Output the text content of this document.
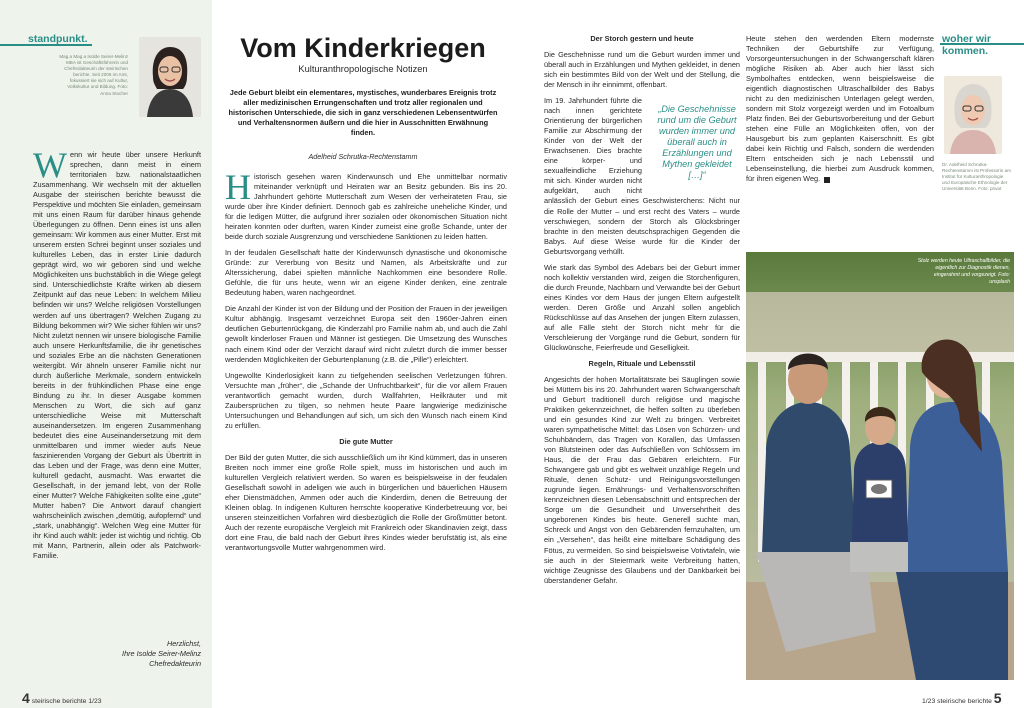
standpunkt.
Mag.a Mag.a Isolde Seirer-Melinz MBA ist Geschäftsführerin und Chefredakteurin der steirischen berichte. Seit 2006 im Amt, fokussiert sie sich auf Kultur, Volkskultur und Bildung. Foto: Anna Stocher

Wenn wir heute über unsere Herkunft sprechen, dann meist in einem territorialen bzw. nationalstaatlichen Zusammenhang. Wir wechseln mit der aktuellen Ausgabe der steirischen berichte bewusst die Perspektive und möchten Sie einladen, gemeinsam mit uns einen Raum für darüber hinaus gehende Überlegungen zu öffnen. Denn eines ist uns allen gemeinsam: Wir kommen aus einer Mutter. Erst mit unserem ersten Schrei beginnt unser soziales und kulturelles Leben, das in erster Linie dadurch geprägt wird, wo wir geboren sind und welche Möglichkeiten uns buchstäblich in die Wiege gelegt sind. Unterschiedlichste Kräfte wirken ab diesem Zeitpunkt auf das neue Leben: In welchem Milieu befinden wir uns? Welche religiösen Vorstellungen werden auf uns übertragen? Welchen Zugang zu Bildung bekommen wir? Wie sicher fühlen wir uns? Nicht zuletzt nennen wir unsere biologische Familie auch unsere Herkunftsfamilie, die ihr genetisches und soziales Erbe an die nächsten Generationen weitergibt. Wir ähneln unserer Familie nicht nur durch äußerliche Merkmale, sondern entwickeln bereits in der frühkindlichen Phase eine enge Bindung zu ihr. In dieser Ausgabe kommen Menschen zu Wort, die sich auf ganz unterschiedliche Weise mit Mutterschaft auseinandersetzen. Im engeren Zusammenhang bedeutet dies eine Auseinandersetzung mit dem unmittelbaren und immer wieder aufs Neue faszinierenden Vorgang der Geburt als Übertritt in das Leben und der Frage, was denn eine Mutter, kulturell gedacht, ausmacht. Was erwartet die Gesellschaft, in der jemand lebt, von der Rolle einer Mutter? Welche Fähigkeiten sollte eine „gute“ Mutter haben? Die Antwort darauf changiert wahrscheinlich zwischen „demütig, aufopfernd“ und „stark, unabhängig“. Welchen Weg eine Mutter für ihr Kind auch wählt: jeder ist wichtig und richtig. Ob mit Mann, Partnerin, allein oder als Patchwork-Familie.

Herzlichst,
Ihre Isolde Seirer-Melinz
Chefredakteurin
Vom Kinderkriegen
Kulturanthropologische Notizen
Jede Geburt bleibt ein elementares, mystisches, wunderbares Ereignis trotz aller medizinischen Errungenschaften und trotz aller regionalen und historischen Unterschiede, die sich in ganz verschiedenen Lebensentwürfen und Verhaltensnormen äußern und die hier in Ausschnitten Erwähnung finden.
Adelheid Schrutka-Rechtenstamm

Historisch gesehen waren Kinderwunsch und Ehe unmittelbar normativ miteinander verknüpft und Heiraten war an Besitz gebunden. Bis ins 20. Jahrhundert gehörte Mutterschaft zum Wesen der verheirateten Frau, sie wurde über ihre Kinder definiert. Dennoch gab es zahlreiche uneheliche Kinder, und für die ledigen Mütter, die aufgrund ihrer sozialen oder ökonomischen Situation nicht heiraten konnten oder durften, waren Kinder zumeist eine große Schande, unter der beide durch soziale Ausgrenzung und verschiedene Sanktionen zu leiden hatten.

In der feudalen Gesellschaft hatte der Kinderwunsch dynastische und ökonomische Gründe: zur Vererbung von Besitz und Namen, als Arbeitskräfte und zur Alterssicherung, dabei spielten männliche Nachkommen eine besondere Rolle. Gefühle, die für uns heute, wenn wir an eigene Kinder denken, eine zentrale Bedeutung haben, waren nachgeordnet.

Die Anzahl der Kinder ist von der Bildung und der Position der Frauen in der jeweiligen Kultur abhängig. Insgesamt verzeichnet Europa seit den 1960er-Jahren einen deutlichen Geburtenrückgang, die Kinderzahl pro Familie nahm ab, und auch die Zahl gewollt kinderloser Frauen und Männer ist gestiegen. Die Umsetzung des Wunsches nach einem Kind oder der Verzicht darauf wird nicht zuletzt durch die immer besser werdenden Möglichkeiten der Geburtenplanung (z.B. die „Pille“) erleichtert.

Ungewollte Kinderlosigkeit kann zu tiefgehenden seelischen Verletzungen führen. Versuchte man „früher“, die „Schande der Unfruchtbarkeit“, für die vor allem Frauen verantwortlich gemacht wurden, durch Wallfahrten, Heilkräuter und mit Zaubersprüchen zu tilgen, so nehmen heute Paare langwierige medizinische Untersuchungen und Behandlungen auf sich, um sich den Wunsch nach einem Kind zu erfüllen.

Die gute Mutter

Der Bild der guten Mutter, die sich ausschließlich um ihr Kind kümmert, das in unseren Breiten noch immer eine große Rolle spielt, muss im historischen und auch im kulturellen Vergleich relativiert werden. So waren es beispielsweise in der feudalen Gesellschaft sowohl in adeligen wie auch in bürgerlichen und bäuerlichen Häusern eher Dienstmädchen, Ammen oder auch die Kinderdirn, denen die Betreuung der Kleinen oblag. In indigenen Kulturen herrschte kooperative Kinderbetreuung vor, bei unseren steinzeitlichen Vorfahren wird diesbezüglich die Rolle der Großmütter betont. Auch der rezente europäische Vergleich mit Frankreich oder Skandinavien zeigt, dass dort eine Frau, die bald nach der Geburt ihres Kindes wieder berufstätig ist, als eine verantwortungsvolle Mutter wahrgenommen wird.

4 steirische berichte 1/23

Der Storch gestern und heute

Die Geschehnisse rund um die Geburt wurden immer und überall auch in Erzählungen und Mythen gekleidet, in denen sich ein bestimmtes Bild von der Welt und der Stellung, die der Mensch in ihr einnimmt, offenbart.

Im 19. Jahrhundert führte die nach innen gerichtete Orientierung der bürgerlichen Familie zur Abschirmung der Kinder von der Welt der Erwachsenen. Dies brachte eine körper- und sexualfeindliche Erziehung mit sich. Kinder wurden nicht aufgeklärt, auch nicht anlässlich der Geburt eines Geschwisterchens: Nicht nur die Rolle der Mutter – und erst recht des Vaters – wurde verschwiegen, sondern der Storch als Glücksbringer brachte in den meisten deutschsprachigen Gegenden die Babys. Auf diese Weise wurde für die Kinder der Geburtsvorgang verhüllt.

Wie stark das Symbol des Adebars bei der Geburt immer noch kollektiv verstanden wird, zeigen die Storchenfiguren, die durch Freunde, Nachbarn und Verwandte bei der Geburt eines Kindes vor dem Haus der jungen Eltern aufgestellt werden. Deren Größe und Anzahl sollen angeblich Rückschlüsse auf das Ansehen der jungen Eltern zulassen, auf alle Fälle steht der Storch nicht mehr für die Verschleierung der Vorgänge rund die Geburt, sondern für Glückwünsche, Feierfreude und Geselligkeit.

Regeln, Rituale und Lebensstil

Angesichts der hohen Mortalitätsrate bei Säuglingen sowie bei Müttern bis ins 20. Jahrhundert waren Schwangerschaft und Geburt traditionell durch religiöse und magische Praktiken gekennzeichnet, die helfen sollten zu überleben und ein gesundes Kind zur Welt zu bringen. Verbreitet waren sympathetische Mittel: das Lösen von Schürzen- und Schuhbändern, das Tragen von Korallen, das Umfassen von Blutsteinen oder das Aufschließen von Schlössern im Haus, die der Frau das Gebären erleichtern. Für Schwangere gab und gibt es weltweit unzählige Regeln und Rituale, denen Schutz- und Reinigungsvorstellungen zugrunde liegen. Ernährungs- und Verhaltensvorschriften kennzeichnen diesen Lebensabschnitt und entsprechen der Sorge um die Gesundheit und Unversehrtheit des ungeborenen Kindes bis heute. Generell suchte man, Schreck und Angst von den Gebärenden fernzuhalten, um ein „Versehen“, das heißt eine mittelbare Schädigung des Fötus, zu vermeiden. So sind beispielsweise Votivtafeln, wie sie auch in der Steiermark weite Verbreitung hatten, wichtige Zeugnisse des Glaubens und der Dankbarkeit bei überstandener Gefahr.

„Die Geschehnisse rund um die Geburt wurden immer und überall auch in Erzählungen und Mythen gekleidet […]“

Heute stehen den werdenden Eltern modernste Techniken der Geburtshilfe zur Verfügung, Vorsorgeuntersuchungen in der Schwangerschaft klären mögliche Risiken ab. Aber auch hier lässt sich Symbolhaftes entdecken, wenn beispielsweise die eigentlich diagnostischen Ultraschallbilder des Babys nicht zu den medizinischen Unterlagen gelegt werden, sondern mit Stolz vorgezeigt werden und im Fotoalbum Platz finden. Bei der Geburtsvorbereitung und der Geburt stehen eine Fülle an Möglichkeiten offen, von der Hausgeburt bis zum geplanten Kaiserschnitt. Es gibt dabei kein Richtig und Falsch, sondern die werdenden Eltern entscheiden sich je nach Lebensstil und Lebenseinstellung, die hierbei zum Ausdruck kommen, für ihren eigenen Weg.

woher wir kommen.
Dr. Adelheid Schrutka-Rechtenstamm ist Professorin am Institut für Kulturanthropologie und Europäische Ethnologie der Universität Bonn. Foto: privat
Stolz werden heute Ultraschallbilder, die eigentlich zur Diagnostik dienen, eingerahmt und vorgezeigt. Foto: unsplash
1/23 steirische berichte 5
